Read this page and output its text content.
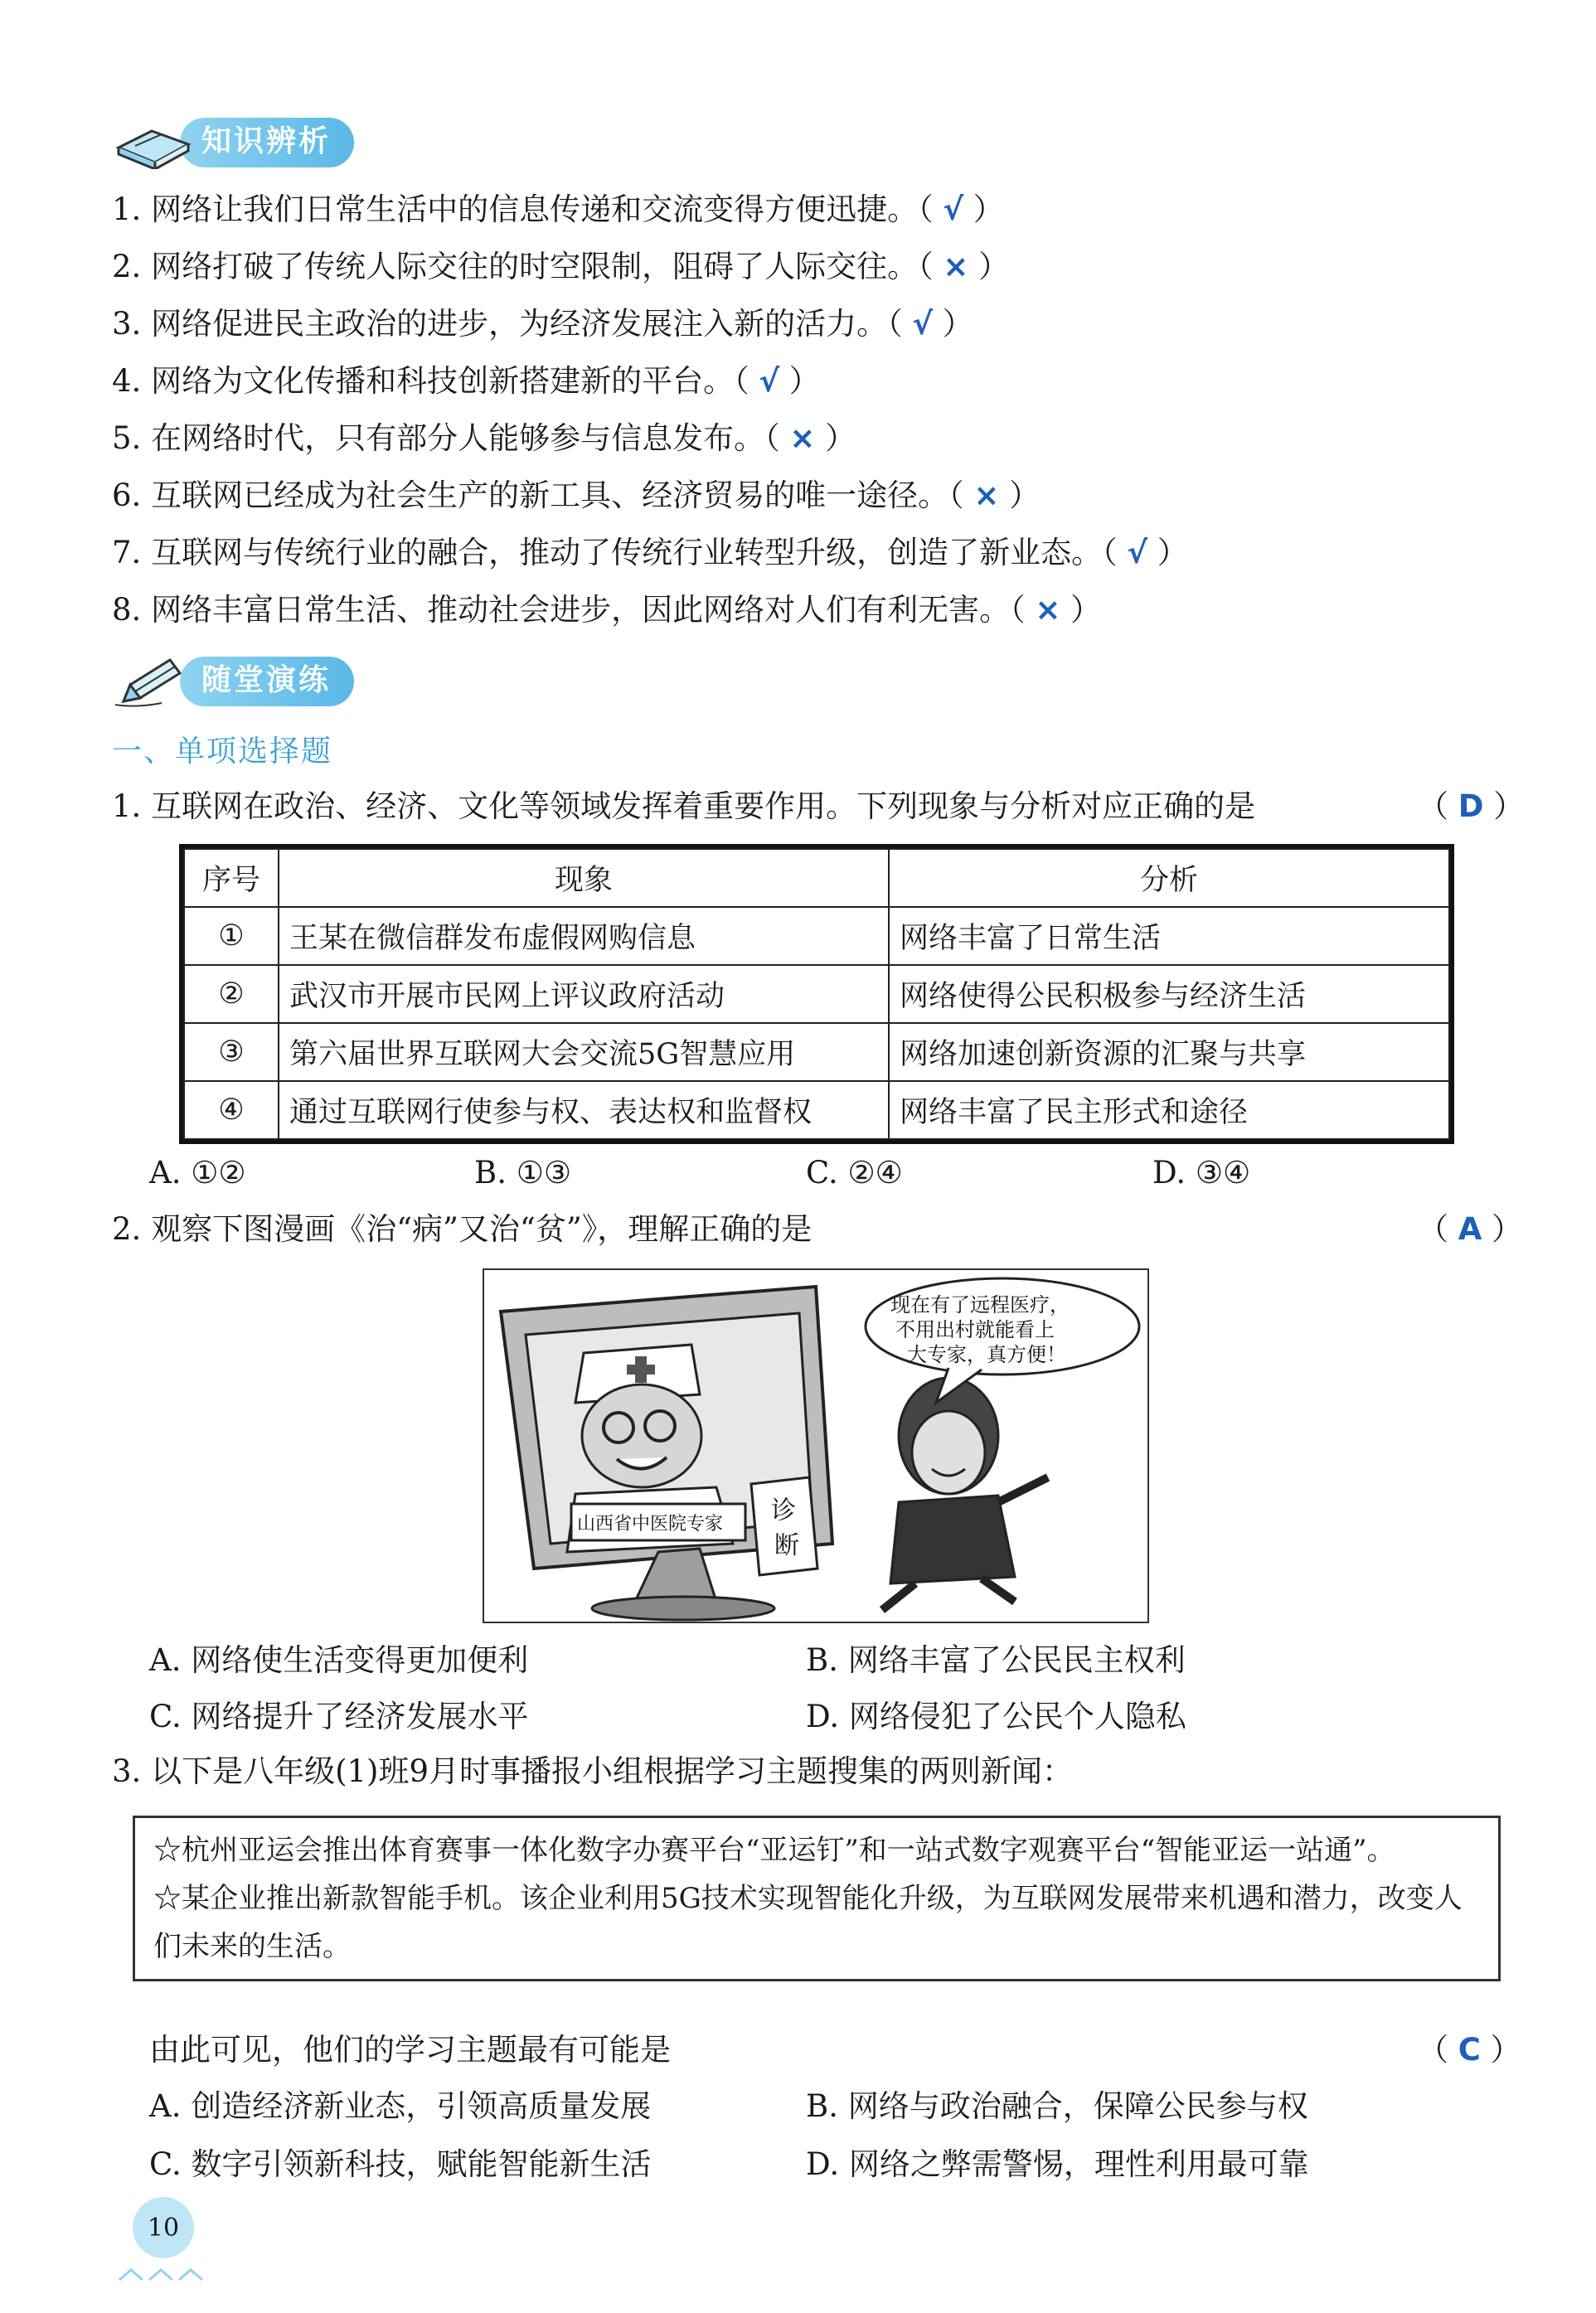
知识辨析
1. 网络让我们日常生活中的信息传递和交流变得方便迅捷。（ √ ）
2. 网络打破了传统人际交往的时空限制，阻碍了人际交往。（ × ）
3. 网络促进民主政治的进步，为经济发展注入新的活力。（ √ ）
4. 网络为文化传播和科技创新搭建新的平台。（ √ ）
5. 在网络时代，只有部分人能够参与信息发布。（ × ）
6. 互联网已经成为社会生产的新工具、经济贸易的唯一途径。（ × ）
7. 互联网与传统行业的融合，推动了传统行业转型升级，创造了新业态。（ √ ）
8. 网络丰富日常生活、推动社会进步，因此网络对人们有利无害。（ × ）
随堂演练
一、单项选择题
1. 互联网在政治、经济、文化等领域发挥着重要作用。下列现象与分析对应正确的是	（ D ）
序号	现象	分析
①	王某在微信群发布虚假网购信息	网络丰富了日常生活
②	武汉市开展市民网上评议政府活动	网络使得公民积极参与经济生活
③	第六届世界互联网大会交流5G智慧应用	网络加速创新资源的汇聚与共享
④	通过互联网行使参与权、表达权和监督权	网络丰富了民主形式和途径
A. ①②	B. ①③	C. ②④	D. ③④
2. 观察下图漫画《治“病”又治“贫”》，理解正确的是	（ A ）
山西省中医院专家 诊
断
现在有了远程医疗，
不用出村就能看上
大专家，真方便！
A. 网络使生活变得更加便利	B. 网络丰富了公民民主权利
C. 网络提升了经济发展水平	D. 网络侵犯了公民个人隐私
3. 以下是八年级(1)班9月时事播报小组根据学习主题搜集的两则新闻：
☆杭州亚运会推出体育赛事一体化数字办赛平台“亚运钉”和一站式数字观赛平台“智能亚运一站通”。
☆某企业推出新款智能手机。该企业利用5G技术实现智能化升级，为互联网发展带来机遇和潜力，改变人们未来的生活。
由此可见，他们的学习主题最有可能是	（ C ）
A. 创造经济新业态，引领高质量发展	B. 网络与政治融合，保障公民参与权
C. 数字引领新科技，赋能智能新生活	D. 网络之弊需警惕，理性利用最可靠
10
